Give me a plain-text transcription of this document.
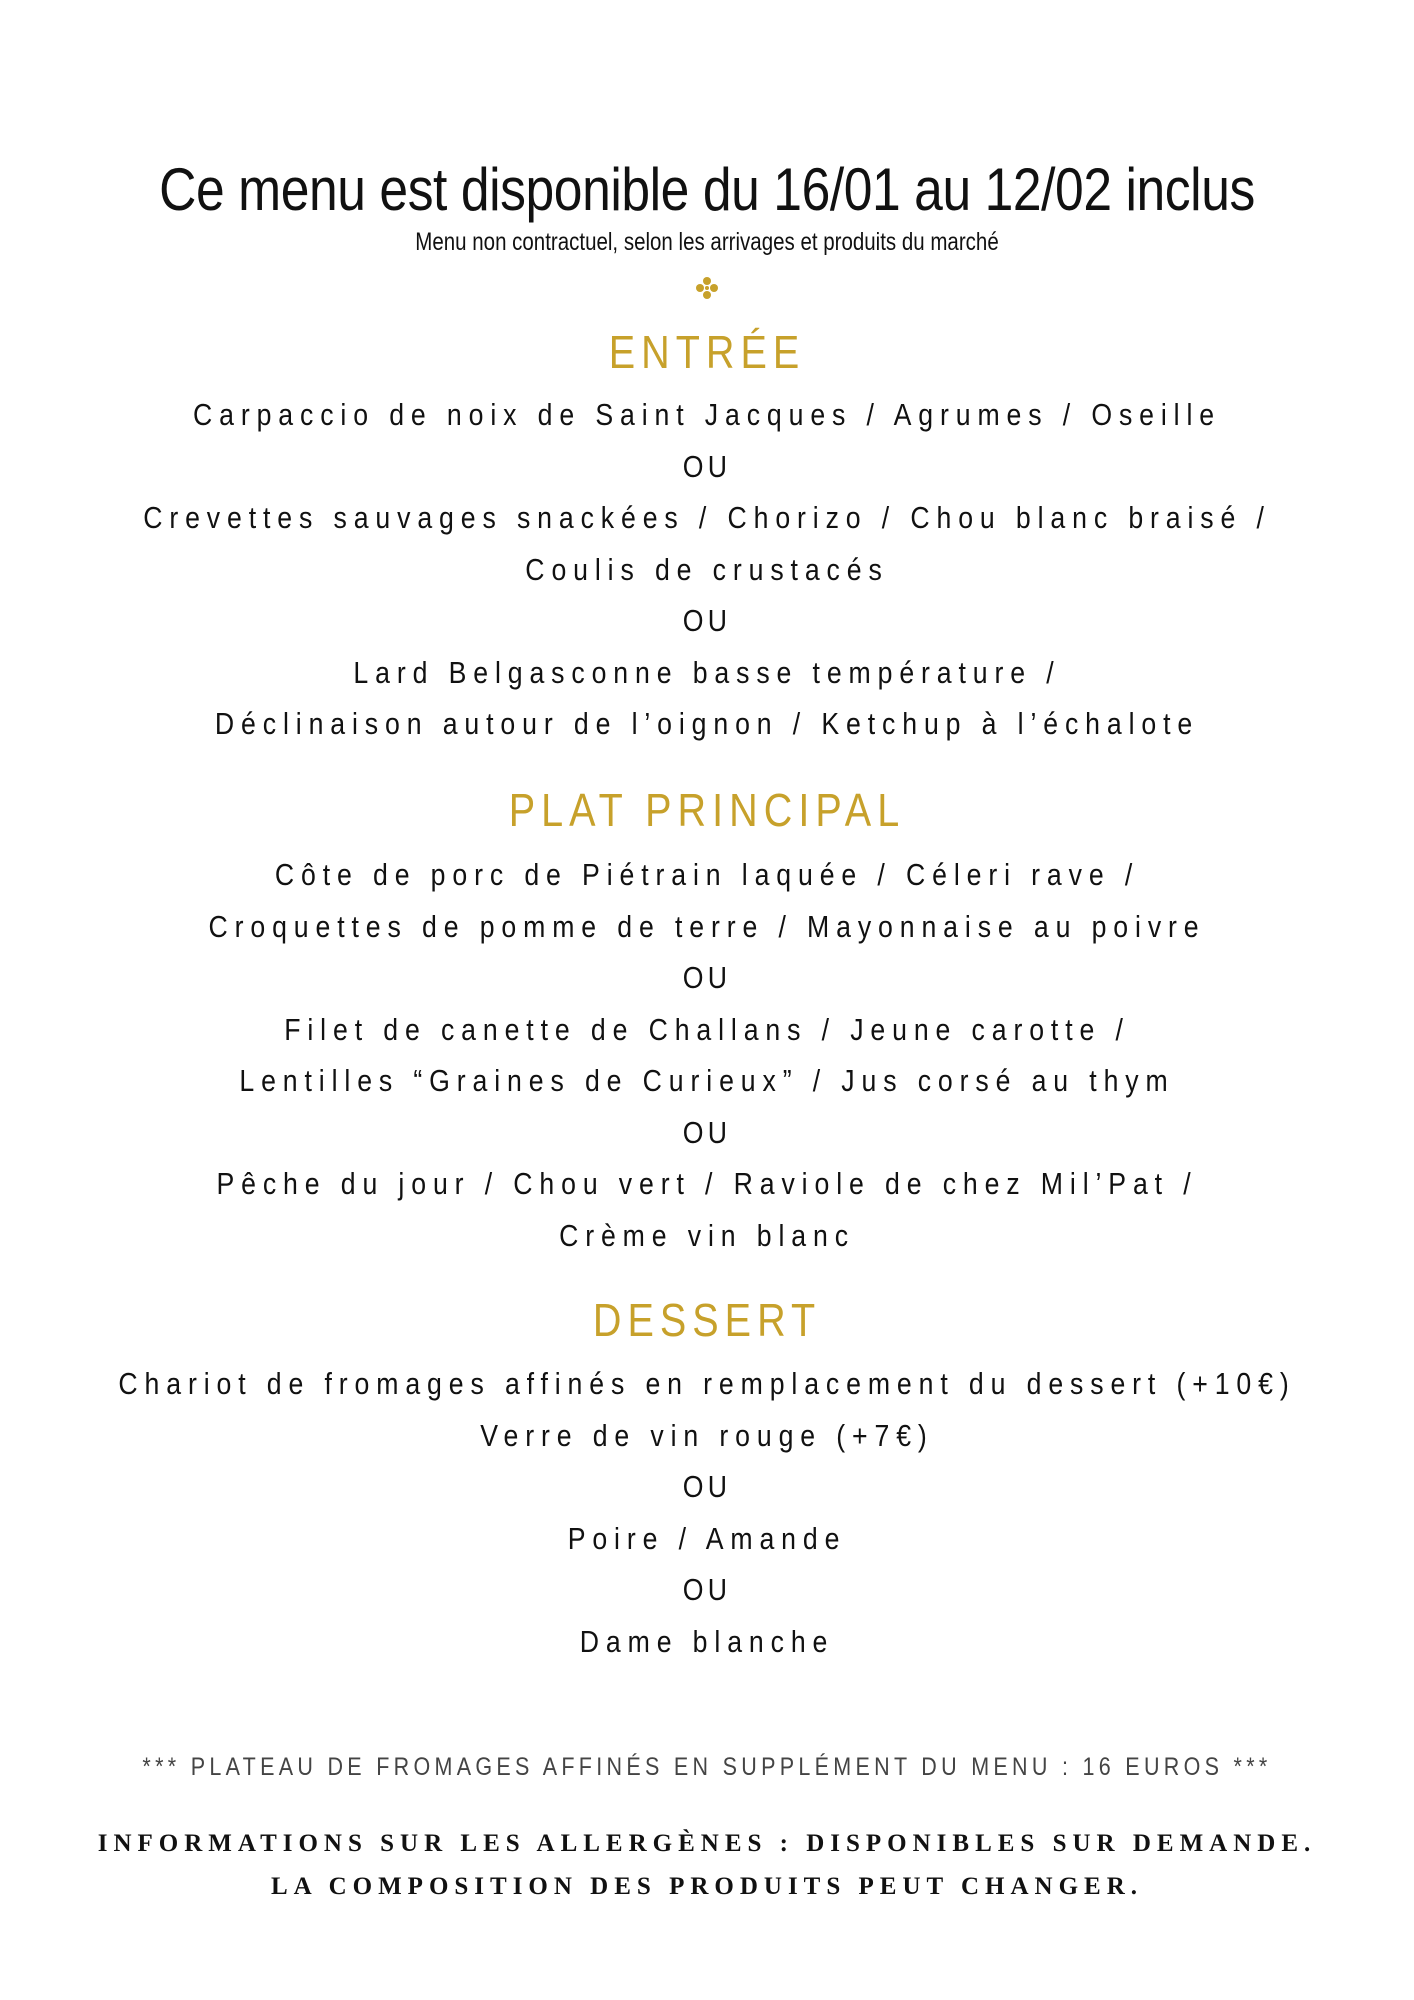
Ce menu est disponible du 16/01 au 12/02 inclus
Menu non contractuel, selon les arrivages et produits du marché
ENTRÉE
Carpaccio de noix de Saint Jacques / Agrumes / Oseille
OU
Crevettes sauvages snackées / Chorizo / Chou blanc braisé /
Coulis de crustacés
OU
Lard Belgasconne basse température /
Déclinaison autour de l’oignon / Ketchup à l’échalote
PLAT PRINCIPAL
Côte de porc de Piétrain laquée / Céleri rave /
Croquettes de pomme de terre / Mayonnaise au poivre
OU
Filet de canette de Challans / Jeune carotte /
Lentilles “Graines de Curieux” / Jus corsé au thym
OU
Pêche du jour / Chou vert / Raviole de chez Mil’Pat /
Crème vin blanc
DESSERT
Chariot de fromages affinés en remplacement du dessert (+10€)
Verre de vin rouge (+7€)
OU
Poire / Amande
OU
Dame blanche
*** PLATEAU DE FROMAGES AFFINÉS EN SUPPLÉMENT DU MENU : 16 EUROS ***
INFORMATIONS SUR LES ALLERGÈNES : DISPONIBLES SUR DEMANDE.
LA COMPOSITION DES PRODUITS PEUT CHANGER.
